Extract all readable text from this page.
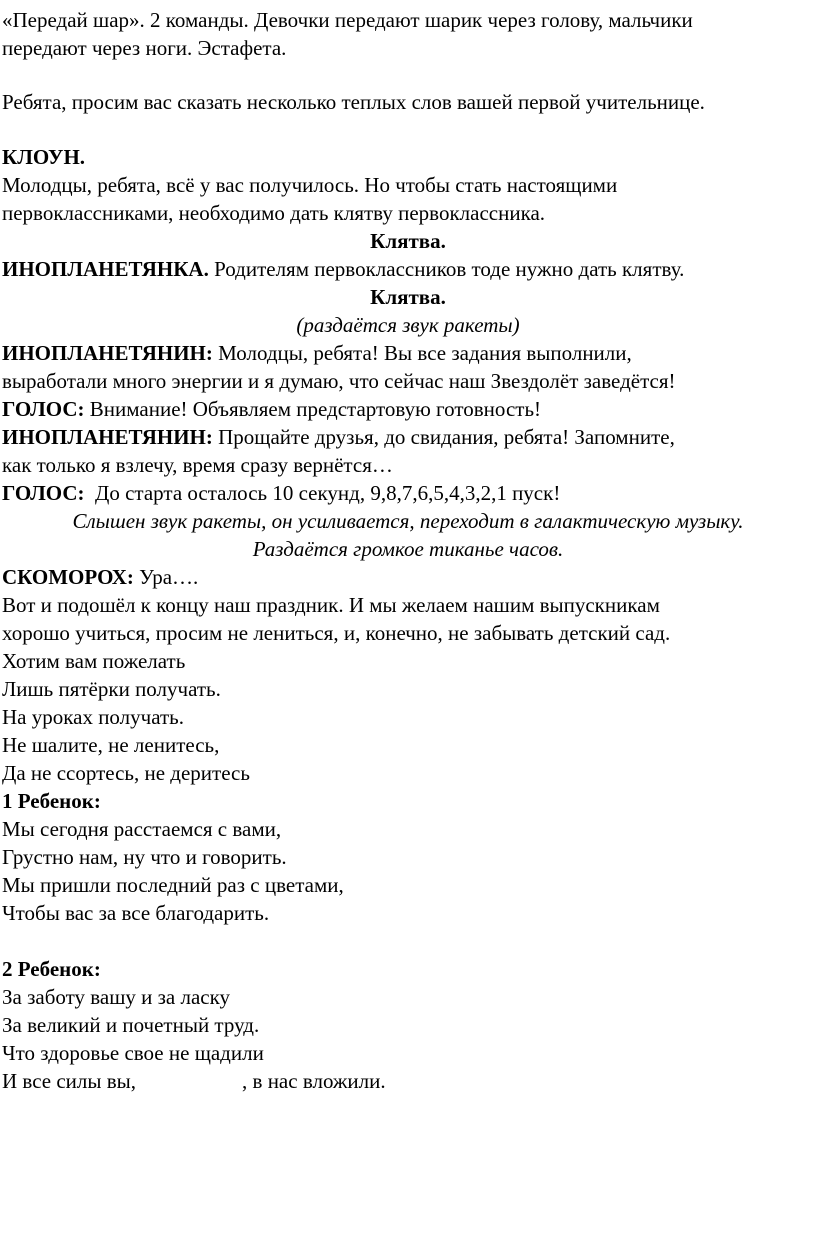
«Передай шар». 2 команды. Девочки передают шарик через голову, мальчики
передают через ноги. Эстафета.
Ребята, просим вас сказать несколько теплых слов вашей первой учительнице.
КЛОУН.
Молодцы, ребята, всё у вас получилось. Но чтобы стать настоящими
первоклассниками, необходимо дать клятву первоклассника.
Клятва.
ИНОПЛАНЕТЯНКА. Родителям первоклассников тоде нужно дать клятву.
Клятва.
(раздаётся звук ракеты)
ИНОПЛАНЕТЯНИН: Молодцы, ребята! Вы все задания выполнили,
выработали много энергии и я думаю, что сейчас наш Звездолёт заведётся!
ГОЛОС: Внимание! Объявляем предстартовую готовность!
ИНОПЛАНЕТЯНИН: Прощайте друзья, до свидания, ребята! Запомните,
как только я взлечу, время сразу вернётся…
ГОЛОС:  До старта осталось 10 секунд, 9,8,7,6,5,4,3,2,1 пуск!
Слышен звук ракеты, он усиливается, переходит в галактическую музыку.
Раздаётся громкое тиканье часов.
СКОМОРОХ: Ура….
Вот и подошёл к концу наш праздник. И мы желаем нашим выпускникам
хорошо учиться, просим не лениться, и, конечно, не забывать детский сад.
Хотим вам пожелать
Лишь пятёрки получать.
На уроках получать.
Не шалите, не ленитесь,
Да не ссортесь, не деритесь
1 Ребенок:
Мы сегодня расстаемся с вами,
Грустно нам, ну что и говорить.
Мы пришли последний раз с цветами,
Чтобы вас за все благодарить.
2 Ребенок:
За заботу вашу и за ласку
За великий и почетный труд.
Что здоровье свое не щадили
И все силы вы,	, в нас вложили.
